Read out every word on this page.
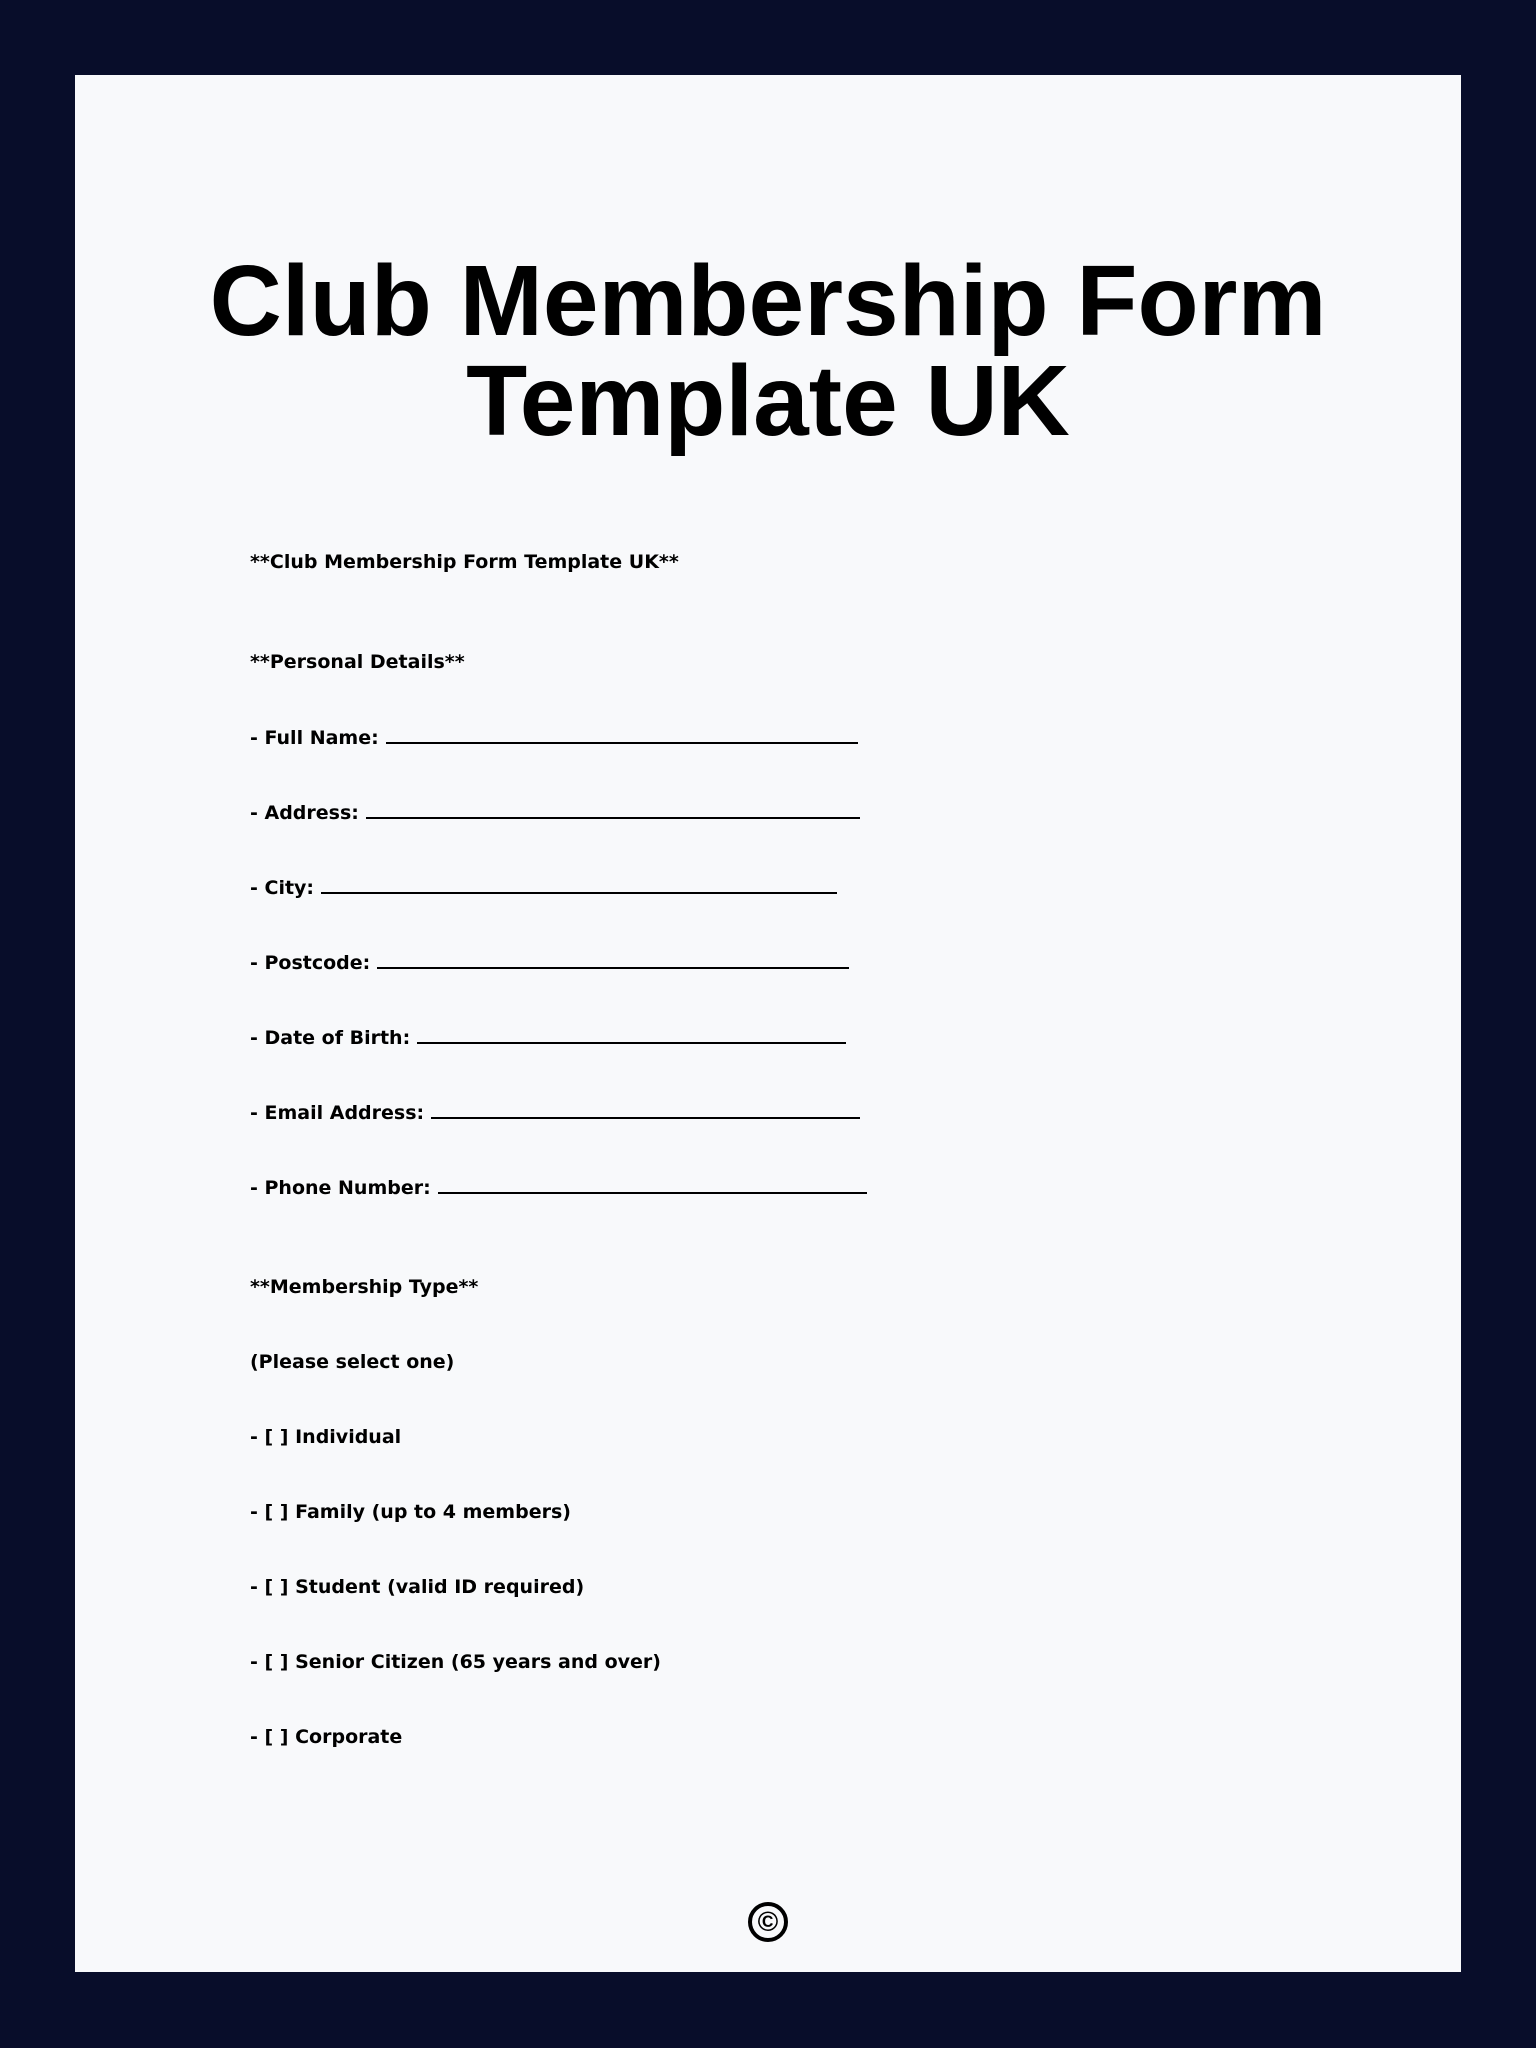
Club Membership Form
Template UK
**Club Membership Form Template UK**
**Personal Details**
- Full Name:
- Address:
- City:
- Postcode:
- Date of Birth:
- Email Address:
- Phone Number:
**Membership Type**
(Please select one)
- [ ] Individual
- [ ] Family (up to 4 members)
- [ ] Student (valid ID required)
- [ ] Senior Citizen (65 years and over)
- [ ] Corporate
©
